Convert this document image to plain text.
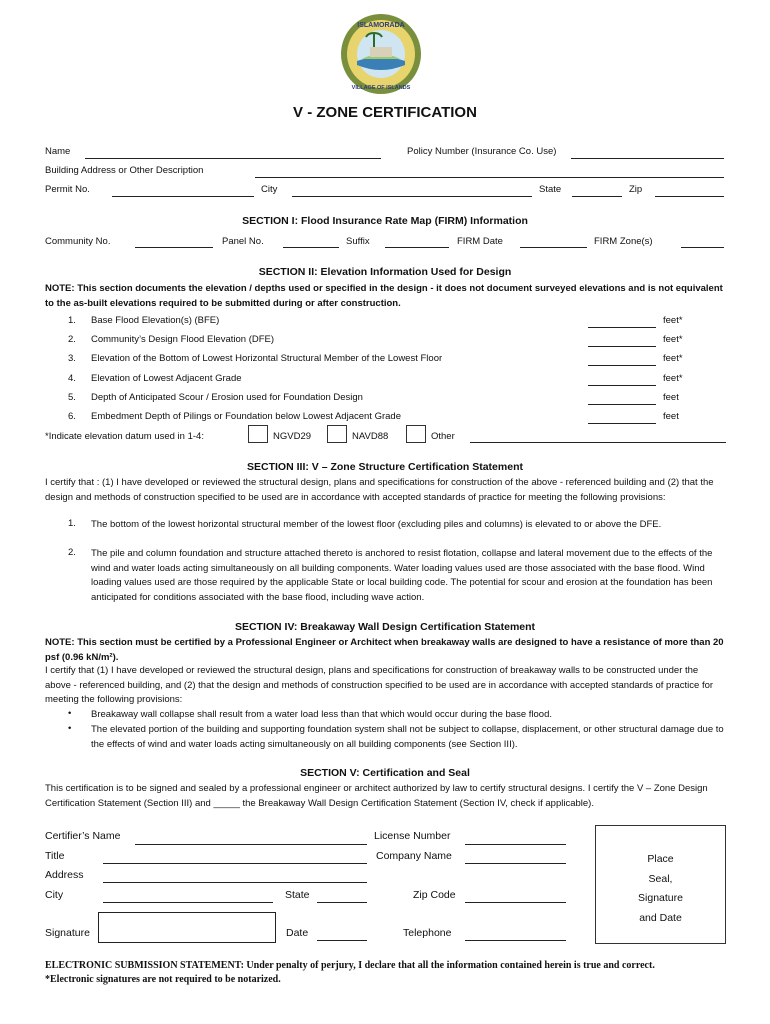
ISLAMORADA
VILLAGE OF ISLANDS
V - ZONE CERTIFICATION
Name	Policy Number (Insurance Co. Use)
Building Address or Other Description
Permit No.	City	State	Zip
SECTION I: Flood Insurance Rate Map (FIRM) Information
Community No.	Panel No.	Suffix	FIRM Date	FIRM Zone(s)
SECTION II: Elevation Information Used for Design
NOTE: This section documents the elevation / depths used or specified in the design - it does not document surveyed elevations and is not equivalent to the as-built elevations required to be submitted during or after construction.
1. Base Flood Elevation(s) (BFE)	feet*
2. Community’s Design Flood Elevation (DFE)	feet*
3. Elevation of the Bottom of Lowest Horizontal Structural Member of the Lowest Floor	feet*
4. Elevation of Lowest Adjacent Grade	feet*
5. Depth of Anticipated Scour / Erosion used for Foundation Design	feet
6. Embedment Depth of Pilings or Foundation below Lowest Adjacent Grade	feet
*Indicate elevation datum used in 1-4:	NGVD29	NAVD88	Other
SECTION III: V – Zone Structure Certification Statement
I certify that : (1) I have developed or reviewed the structural design, plans and specifications for construction of the above - referenced building and (2) that the design and methods of construction specified to be used are in accordance with accepted standards of practice for meeting the following provisions:
1. The bottom of the lowest horizontal structural member of the lowest floor (excluding piles and columns) is elevated to or above the DFE.
2. The pile and column foundation and structure attached thereto is anchored to resist flotation, collapse and lateral movement due to the effects of the wind and water loads acting simultaneously on all building components. Water loading values used are those associated with the base flood. Wind loading values used are those required by the applicable State or local building code. The potential for scour and erosion at the foundation has been anticipated for conditions associated with the base flood, including wave action.
SECTION IV: Breakaway Wall Design Certification Statement
NOTE: This section must be certified by a Professional Engineer or Architect when breakaway walls are designed to have a resistance of more than 20 psf (0.96 kN/m²).
I certify that (1) I have developed or reviewed the structural design, plans and specifications for construction of breakaway walls to be constructed under the above - referenced building, and (2) that the design and methods of construction specified to be used are in accordance with accepted standards of practice for meeting the following provisions:
• Breakaway wall collapse shall result from a water load less than that which would occur during the base flood.
• The elevated portion of the building and supporting foundation system shall not be subject to collapse, displacement, or other structural damage due to the effects of wind and water loads acting simultaneously on all building components (see Section III).
SECTION V: Certification and Seal
This certification is to be signed and sealed by a professional engineer or architect authorized by law to certify structural designs. I certify the V – Zone Design Certification Statement (Section III) and _____ the Breakaway Wall Design Certification Statement (Section IV, check if applicable).
Certifier’s Name	License Number
Title	Company Name
Address
City	State	Zip Code
Signature	Date	Telephone
Place
Seal,
Signature
and Date
ELECTRONIC SUBMISSION STATEMENT: Under penalty of perjury, I declare that all the information contained herein is true and correct.
*Electronic signatures are not required to be notarized.
